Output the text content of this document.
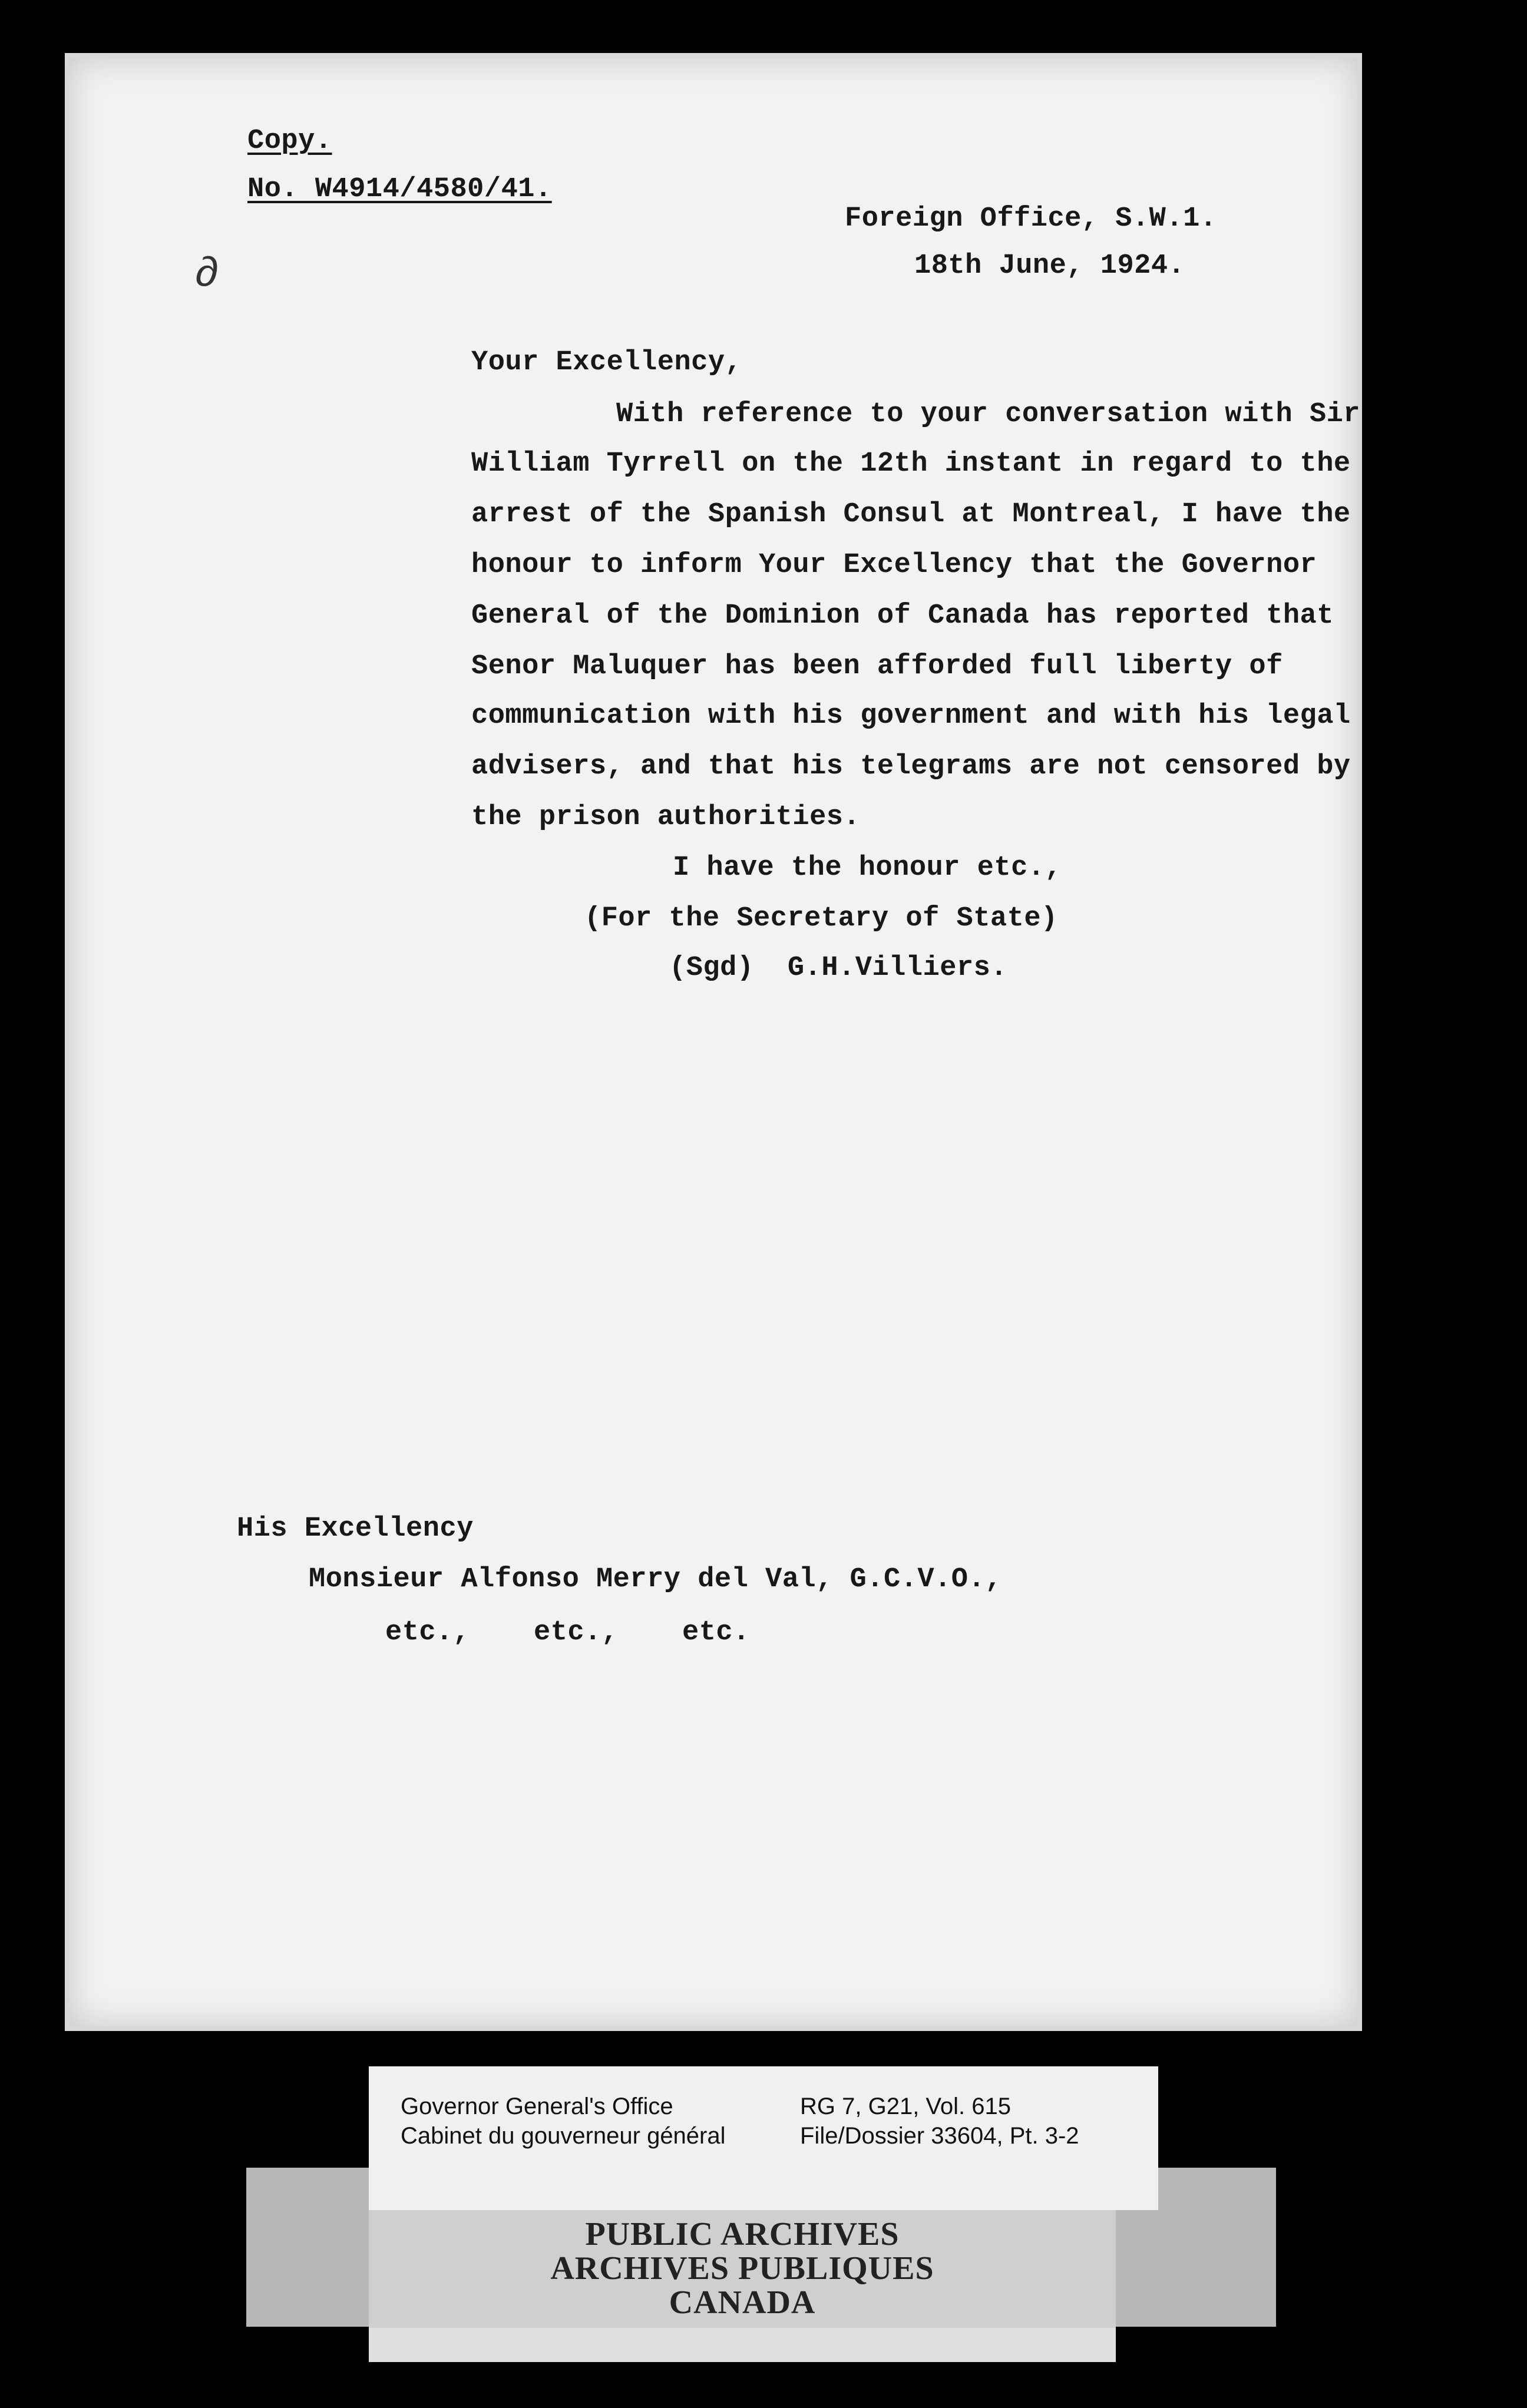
Copy.
No. W4914/4580/41.
Foreign Office, S.W.1.
18th June, 1924.
∂
Your Excellency,
With reference to your conversation with Sir
William Tyrrell on the 12th instant in regard to the
arrest of the Spanish Consul at Montreal, I have the
honour to inform Your Excellency that the Governor
General of the Dominion of Canada has reported that
Senor Maluquer has been afforded full liberty of
communication with his government and with his legal
advisers, and that his telegrams are not censored by
the prison authorities.
I have the honour etc.,
(For the Secretary of State)
(Sgd)  G.H.Villiers.
His Excellency
Monsieur Alfonso Merry del Val, G.C.V.O.,
etc., etc., etc.
Governor General's Office
Cabinet du gouverneur général
RG 7, G21, Vol. 615
File/Dossier 33604, Pt. 3-2
PUBLIC ARCHIVES
ARCHIVES PUBLIQUES
CANADA
